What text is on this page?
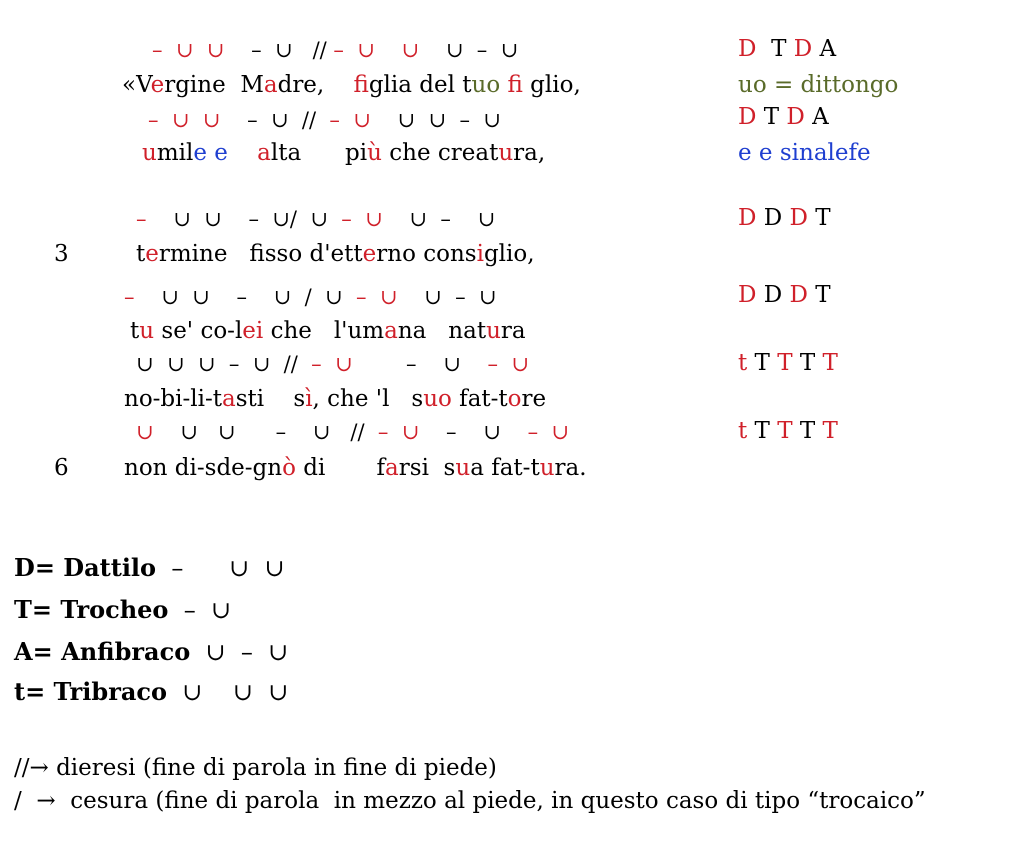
–  ∪  ∪    –  ∪   // –  ∪    ∪    ∪  –  ∪
«Vergine  Madre,    figlia del tuo fi glio,
D  T D A
uo = dittongo
–  ∪  ∪    –  ∪  //  –  ∪    ∪  ∪  –  ∪
umile e alta      più che creatura,
D T D A
e e sinalefe
–    ∪  ∪    –  ∪/  ∪  –  ∪    ∪  –    ∪
3	termine   fsso d'etterno consiglio,
D D D T
–    ∪  ∪    –    ∪  /  ∪  –  ∪    ∪  –  ∪
tu se' co-lei che   l'umana   natura
D D D T
∪  ∪  ∪  –  ∪  //  –  ∪        –    ∪    –  ∪
no-bi-li-tasti    sì, che 'l   suo fat-tore
t T T T T
∪    ∪   ∪      –    ∪   //  –  ∪    –    ∪    –  ∪
6 non di-sde-gnò di       farsi  sua fat-tura.
t T T T T
D= Dattilo  –      ∪  ∪
T= Trocheo  –  ∪
A= Anfibraco  ∪  –  ∪
t= Tribraco  ∪    ∪  ∪
//→ dieresi (fine di parola in fine di piede)
/  →  cesura (fine di parola  in mezzo al piede, in questo caso di tipo “trocaico”
